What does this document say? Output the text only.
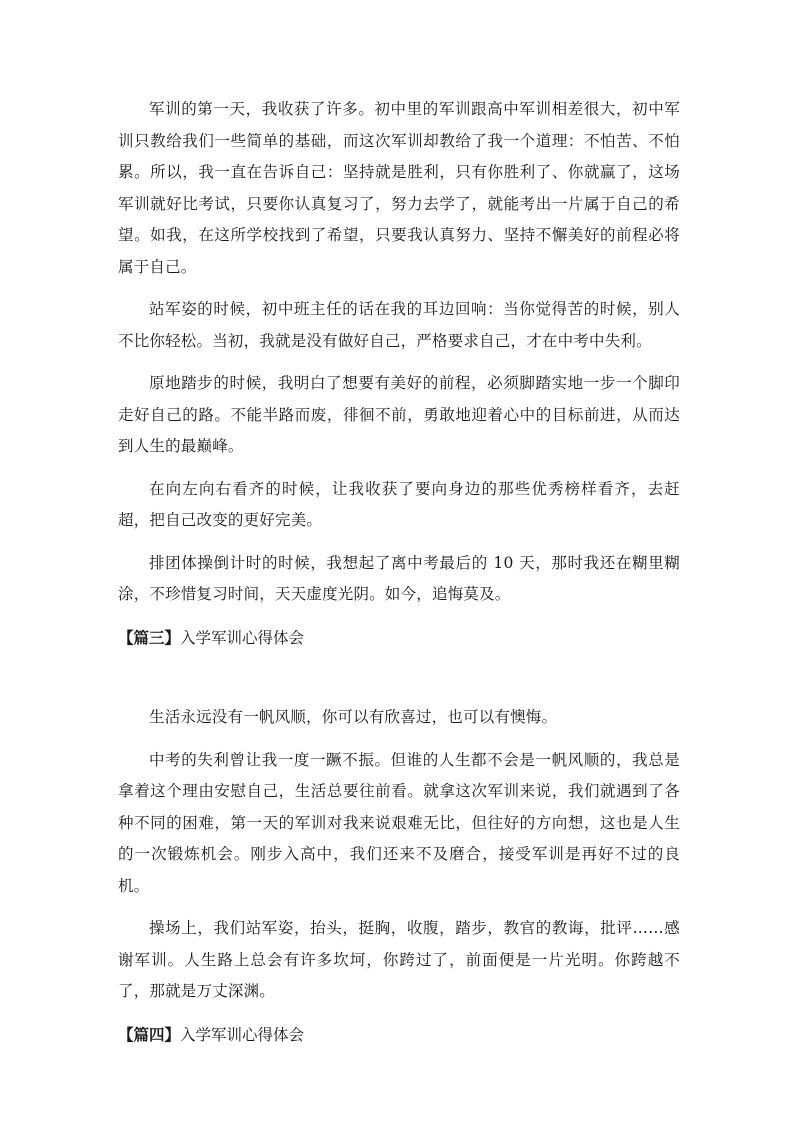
军训的第一天，我收获了许多。初中里的军训跟高中军训相差很大，初中军训只教给我们一些简单的基础，而这次军训却教给了我一个道理：不怕苦、不怕累。所以，我一直在告诉自己：坚持就是胜利，只有你胜利了、你就赢了，这场军训就好比考试，只要你认真复习了，努力去学了，就能考出一片属于自己的希望。如我，在这所学校找到了希望，只要我认真努力、坚持不懈美好的前程必将属于自己。

站军姿的时候，初中班主任的话在我的耳边回响：当你觉得苦的时候，别人不比你轻松。当初，我就是没有做好自己，严格要求自己，才在中考中失利。

原地踏步的时候，我明白了想要有美好的前程，必须脚踏实地一步一个脚印走好自己的路。不能半路而废，徘徊不前，勇敢地迎着心中的目标前进，从而达到人生的最巅峰。

在向左向右看齐的时候，让我收获了要向身边的那些优秀榜样看齐，去赶超，把自己改变的更好完美。

排团体操倒计时的时候，我想起了离中考最后的 10 天，那时我还在糊里糊涂，不珍惜复习时间，天天虚度光阴。如今，追悔莫及。

【篇三】入学军训心得体会

生活永远没有一帆风顺，你可以有欣喜过，也可以有懊悔。

中考的失利曾让我一度一蹶不振。但谁的人生都不会是一帆风顺的，我总是拿着这个理由安慰自己，生活总要往前看。就拿这次军训来说，我们就遇到了各种不同的困难，第一天的军训对我来说艰难无比，但往好的方向想，这也是人生的一次锻炼机会。刚步入高中，我们还来不及磨合，接受军训是再好不过的良机。

操场上，我们站军姿，抬头，挺胸，收腹，踏步，教官的教诲，批评……感谢军训。人生路上总会有许多坎坷，你跨过了，前面便是一片光明。你跨越不了，那就是万丈深渊。

【篇四】入学军训心得体会
